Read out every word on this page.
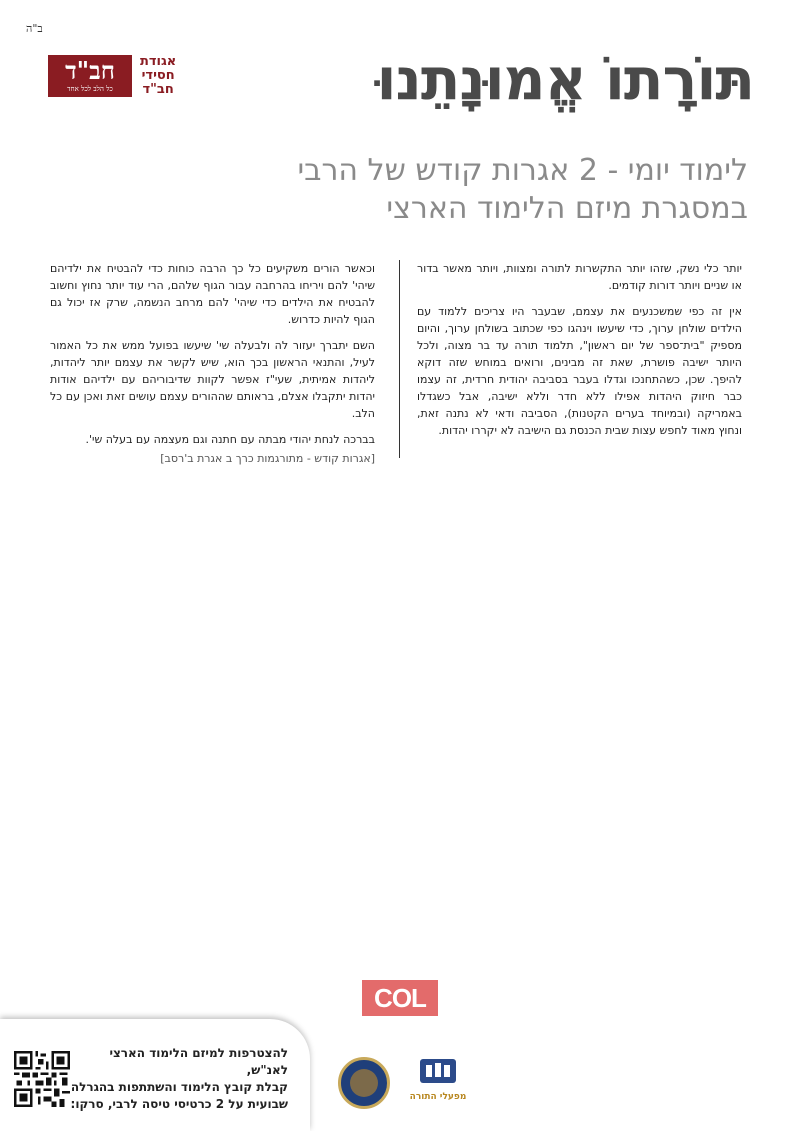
ב"ה
חב"ד
כל הלב לכל אחד
אגודת
חסידי
חב"ד	תּוֹרָתוֹ אֱמוּנָתֵנוּ
לימוד יומי - 2 אגרות קודש של הרבי
במסגרת מיזם הלימוד הארצי

יותר כלי נשק, שזהו יותר התקשרות לתורה ומצוות, ויותר מאשר בדור או שניים ויותר דורות קודמים.

אין זה כפי שמשכנעים את עצמם, שבעבר היו צריכים ללמוד עם הילדים שולחן ערוך, כדי שיעשו וינהגו כפי שכתוב בשולחן ערוך, והיום מספיק "בית־ספר של יום ראשון", תלמוד תורה עד בר מצוה, ולכל היותר ישיבה פושרת, שאת זה מבינים, ורואים במוחש שזה דוקא להיפך. שכן, כשהתחנכו וגדלו בעבר בסביבה יהודית חרדית, זה עצמו כבר חיזוק היהדות אפילו ללא חדר וללא ישיבה, אבל כשגדלו באמריקה (ובמיוחד בערים הקטנות), הסביבה ודאי לא נתנה זאת, ונחוץ מאוד לחפש עצות שבית הכנסת גם הישיבה לא יקררו יהדות.

וכאשר הורים משקיעים כל כך הרבה כוחות כדי להבטיח את ילדיהם שיהי' להם ויריחו בהרחבה עבור הגוף שלהם, הרי עוד יותר נחוץ וחשוב להבטיח את הילדים כדי שיהי' להם מרחב הנשמה, שרק אז יכול גם הגוף להיות כדרוש.

השם יתברך יעזור לה ולבעלה שי' שיעשו בפועל ממש את כל האמור לעיל, והתנאי הראשון בכך הוא, שיש לקשר את עצמם יותר ליהדות, ליהדות אמיתית, שעי"ז אפשר לקוות שדיבוריהם עם ילדיהם אודות יהדות יתקבלו אצלם, בראותם שההורים עצמם עושים זאת ואכן עם כל הלב.

בברכה לנחת יהודי מבתה עם חתנה וגם מעצמה עם בעלה שי'.

[אגרות קודש - מתורגמות כרך ב אגרת ב'רסב]
COL
להצטרפות למיזם הלימוד הארצי לאנ"ש,
קבלת קובץ הלימוד והשתתפות בהגרלה
שבועית על 2 כרטיסי טיסה לרבי, סרקו:	מפעלי התורה
